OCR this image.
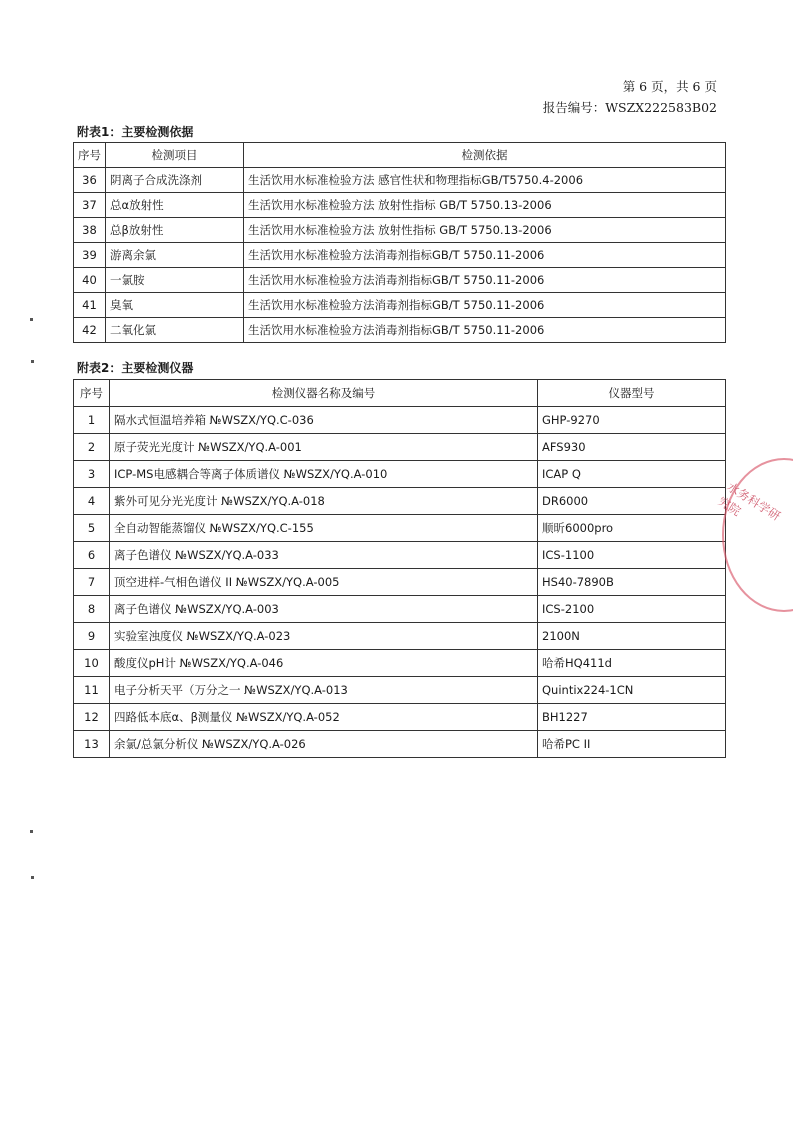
第 6 页，共 6 页
报告编号：WSZX222583B02
附表1：主要检测依据
序号	检测项目	检测依据
36	阴离子合成洗涤剂	生活饮用水标准检验方法 感官性状和物理指标GB/T5750.4-2006
37	总α放射性	生活饮用水标准检验方法 放射性指标 GB/T 5750.13-2006
38	总β放射性	生活饮用水标准检验方法 放射性指标 GB/T 5750.13-2006
39	游离余氯	生活饮用水标准检验方法消毒剂指标GB/T 5750.11-2006
40	一氯胺	生活饮用水标准检验方法消毒剂指标GB/T 5750.11-2006
41	臭氧	生活饮用水标准检验方法消毒剂指标GB/T 5750.11-2006
42	二氧化氯	生活饮用水标准检验方法消毒剂指标GB/T 5750.11-2006
附表2：主要检测仪器
序号	检测仪器名称及编号	仪器型号
1	隔水式恒温培养箱 №WSZX/YQ.C-036	GHP-9270
2	原子荧光光度计 №WSZX/YQ.A-001	AFS930
3	ICP-MS电感耦合等离子体质谱仪 №WSZX/YQ.A-010	ICAP Q
4	紫外可见分光光度计 №WSZX/YQ.A-018	DR6000
5	全自动智能蒸馏仪 №WSZX/YQ.C-155	顺昕6000pro
6	离子色谱仪 №WSZX/YQ.A-033	ICS-1100
7	顶空进样-气相色谱仪 II №WSZX/YQ.A-005	HS40-7890B
8	离子色谱仪 №WSZX/YQ.A-003	ICS-2100
9	实验室浊度仪 №WSZX/YQ.A-023	2100N
10	酸度仪pH计 №WSZX/YQ.A-046	哈希HQ411d
11	电子分析天平（万分之一 №WSZX/YQ.A-013	Quintix224-1CN
12	四路低本底α、β测量仪 №WSZX/YQ.A-052	BH1227
13	余氯/总氯分析仪 №WSZX/YQ.A-026	哈希PC II
水务科学研究院
